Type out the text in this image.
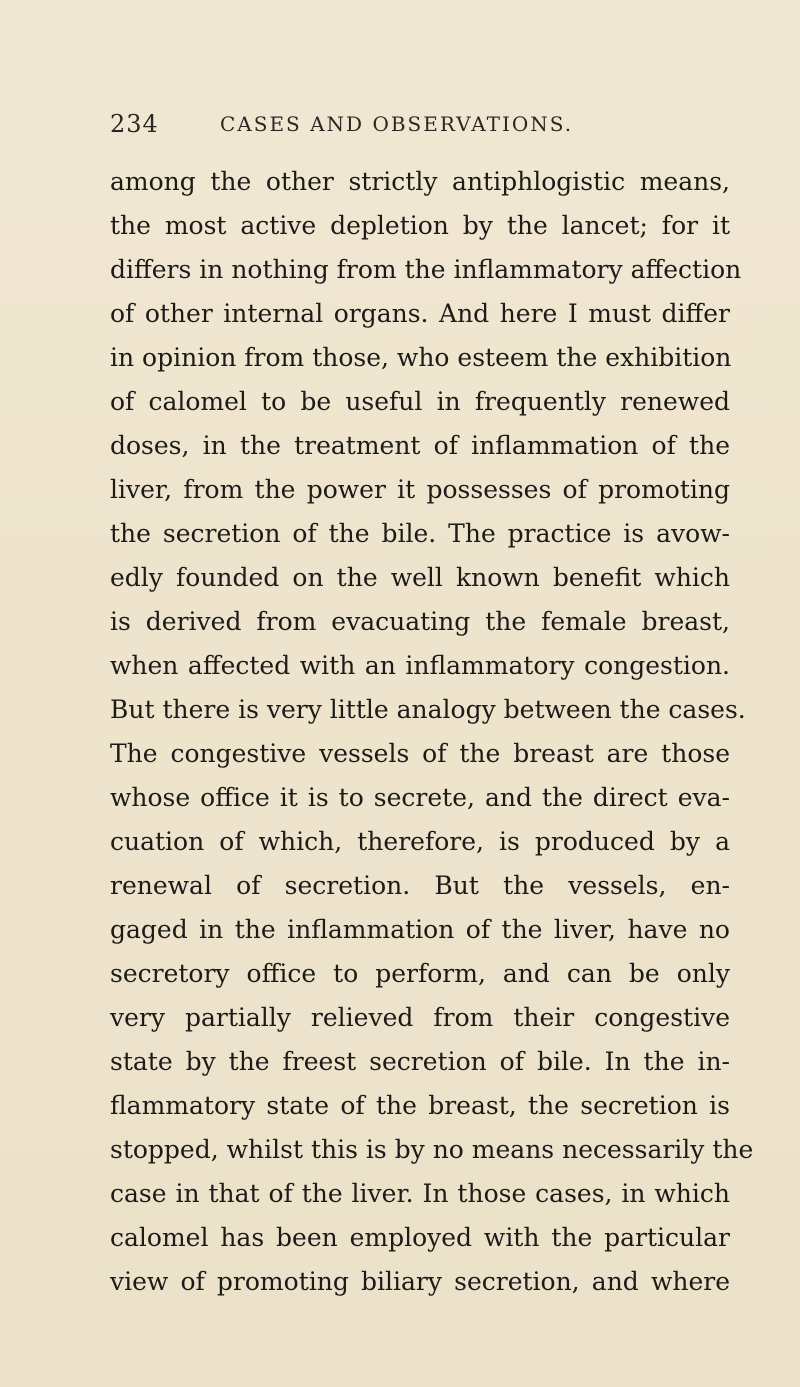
234	CASES AND OBSERVATIONS.
among the other strictly antiphlogistic means,
the most active depletion by the lancet; for it
differs in nothing from the inflammatory affection
of other internal organs. And here I must differ
in opinion from those, who esteem the exhibition
of calomel to be useful in frequently renewed
doses, in the treatment of inflammation of the
liver, from the power it possesses of promoting
the secretion of the bile. The practice is avow-
edly founded on the well known benefit which
is derived from evacuating the female breast,
when affected with an inflammatory congestion.
But there is very little analogy between the cases.
The congestive vessels of the breast are those
whose office it is to secrete, and the direct eva-
cuation of which, therefore, is produced by a
renewal of secretion. But the vessels, en-
gaged in the inflammation of the liver, have no
secretory office to perform, and can be only
very partially relieved from their congestive
state by the freest secretion of bile. In the in-
flammatory state of the breast, the secretion is
stopped, whilst this is by no means necessarily the
case in that of the liver. In those cases, in which
calomel has been employed with the particular
view of promoting biliary secretion, and where
